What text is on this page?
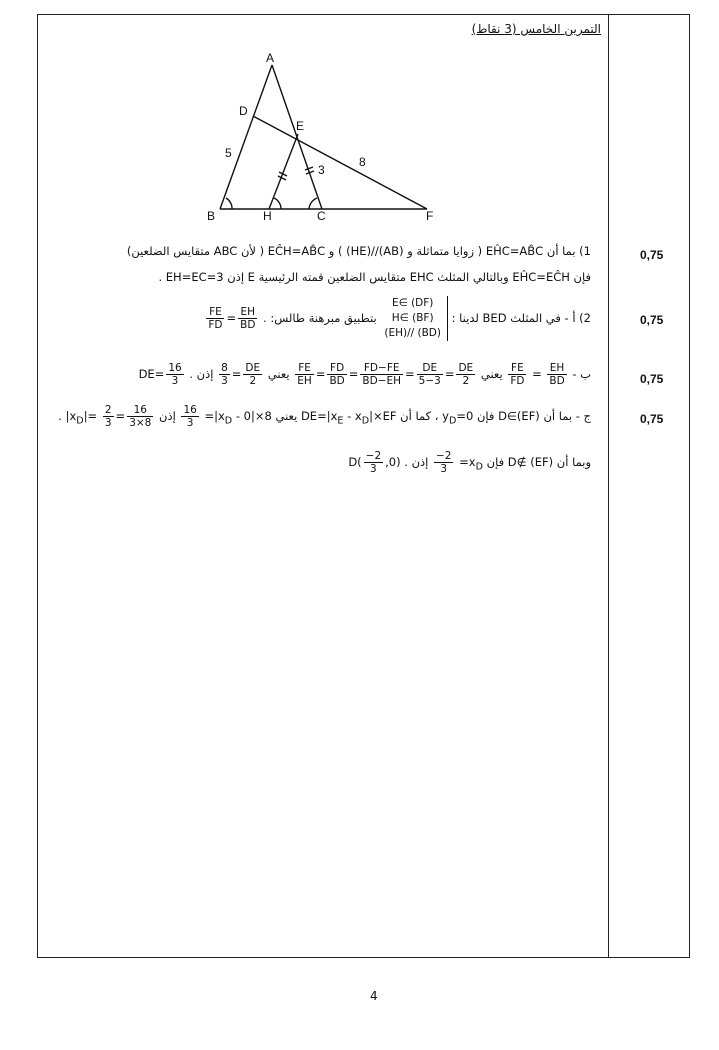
التمرين الخامس (3 نقاط)
A
B	C
D
E
F
H
5
3
8
1) بما أن EĤC=AB̂C ( زوايا متماثلة و (AB)//(HE) ) و EĈH=AB̂C ( لأن ABC متقايس الضلعين)
فإن EĤC=EĈH وبالتالي المثلث EHC متقايس الضلعين قمته الرئيسية E إذن EH=EC=3 .
0,75
2) أ - في المثلث BED لدينا :
E∈ (DF)
H∈ (BF)
(EH)// (BD)
بتطبيق مبرهنة طالس:
$\frac{FE}{FD} = \frac{EH}{BD}$ .	0,75
ب -
$\frac{EH}{BD}$
=
$\frac{FE}{FD}$
يعني
$\frac{FE}{EH} = \frac{FD}{BD} = \frac{FD-FE}{BD-EH} = \frac{DE}{5-3} = \frac{DE}{2}$
يعني
$\frac{8}{3} = \frac{DE}{2}$
إذن $DE= \frac{16}{3}$ .	0,75
ج - بما أن D∈(EF) فإن $y_D=0$ ، كما أن $DE=|x_E - x_D|\times EF$ يعني $8\times|0 - x_D|=$
$\frac{16}{3}$
إذن
$\frac{2}{3} = \frac{16}{3\times 8}$
$|x_D|=$ .
وبما أن D∉ (EF) فإن $x_D=$
$\frac{-2}{3}$
إذن $D( \frac{-2}{3} ,0)$ .
0,75
4
